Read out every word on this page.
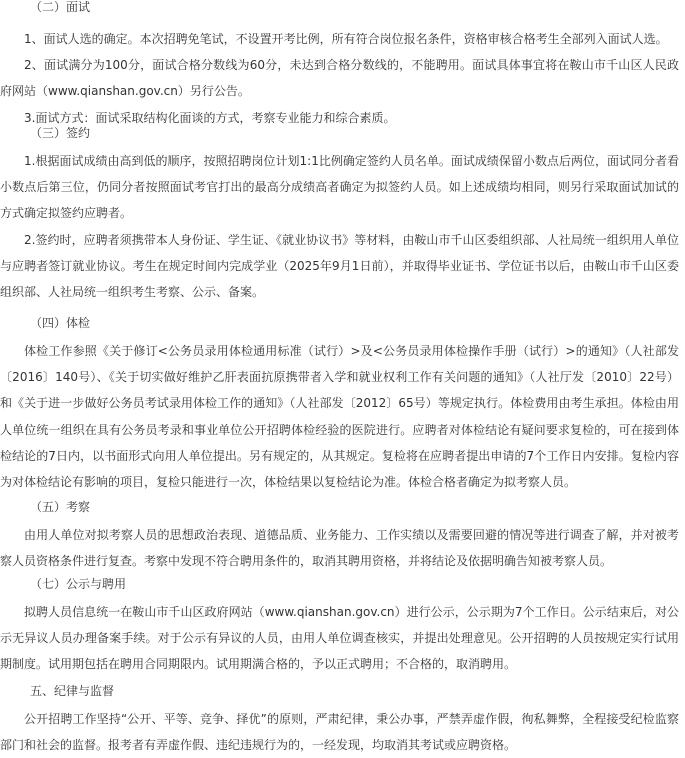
（二）面试

1、面试人选的确定。本次招聘免笔试，不设置开考比例，所有符合岗位报名条件，资格审核合格考生全部列入面试人选。

2、面试满分为100分，面试合格分数线为60分，未达到合格分数线的，不能聘用。面试具体事宜将在鞍山市千山区人民政府网站（www.qianshan.gov.cn）另行公告。

3.面试方式：面试采取结构化面谈的方式，考察专业能力和综合素质。

（三）签约

1.根据面试成绩由高到低的顺序，按照招聘岗位计划1:1比例确定签约人员名单。面试成绩保留小数点后两位，面试同分者看小数点后第三位，仍同分者按照面试考官打出的最高分成绩高者确定为拟签约人员。如上述成绩均相同，则另行采取面试加试的方式确定拟签约应聘者。

2.签约时，应聘者须携带本人身份证、学生证、《就业协议书》等材料，由鞍山市千山区委组织部、人社局统一组织用人单位与应聘者签订就业协议。考生在规定时间内完成学业（2025年9月1日前），并取得毕业证书、学位证书以后，由鞍山市千山区委组织部、人社局统一组织考生考察、公示、备案。

（四）体检

体检工作参照《关于修订<公务员录用体检通用标准（试行）>及<公务员录用体检操作手册（试行）>的通知》（人社部发〔2016〕140号）、《关于切实做好维护乙肝表面抗原携带者入学和就业权利工作有关问题的通知》（人社厅发〔2010〕22号）和《关于进一步做好公务员考试录用体检工作的通知》（人社部发〔2012〕65号）等规定执行。体检费用由考生承担。体检由用人单位统一组织在具有公务员考录和事业单位公开招聘体检经验的医院进行。应聘者对体检结论有疑问要求复检的，可在接到体检结论的7日内，以书面形式向用人单位提出。另有规定的，从其规定。复检将在应聘者提出申请的7个工作日内安排。复检内容为对体检结论有影响的项目，复检只能进行一次，体检结果以复检结论为准。体检合格者确定为拟考察人员。

（五）考察

由用人单位对拟考察人员的思想政治表现、道德品质、业务能力、工作实绩以及需要回避的情况等进行调查了解，并对被考察人员资格条件进行复查。考察中发现不符合聘用条件的，取消其聘用资格，并将结论及依据明确告知被考察人员。

（七）公示与聘用

拟聘人员信息统一在鞍山市千山区政府网站（www.qianshan.gov.cn）进行公示，公示期为7个工作日。公示结束后，对公示无异议人员办理备案手续。对于公示有异议的人员，由用人单位调查核实，并提出处理意见。公开招聘的人员按规定实行试用期制度。试用期包括在聘用合同期限内。试用期满合格的，予以正式聘用；不合格的，取消聘用。

五、纪律与监督

公开招聘工作坚持“公开、平等、竞争、择优”的原则，严肃纪律，秉公办事，严禁弄虚作假，徇私舞弊，全程接受纪检监察部门和社会的监督。报考者有弄虚作假、违纪违规行为的，一经发现，均取消其考试或应聘资格。
